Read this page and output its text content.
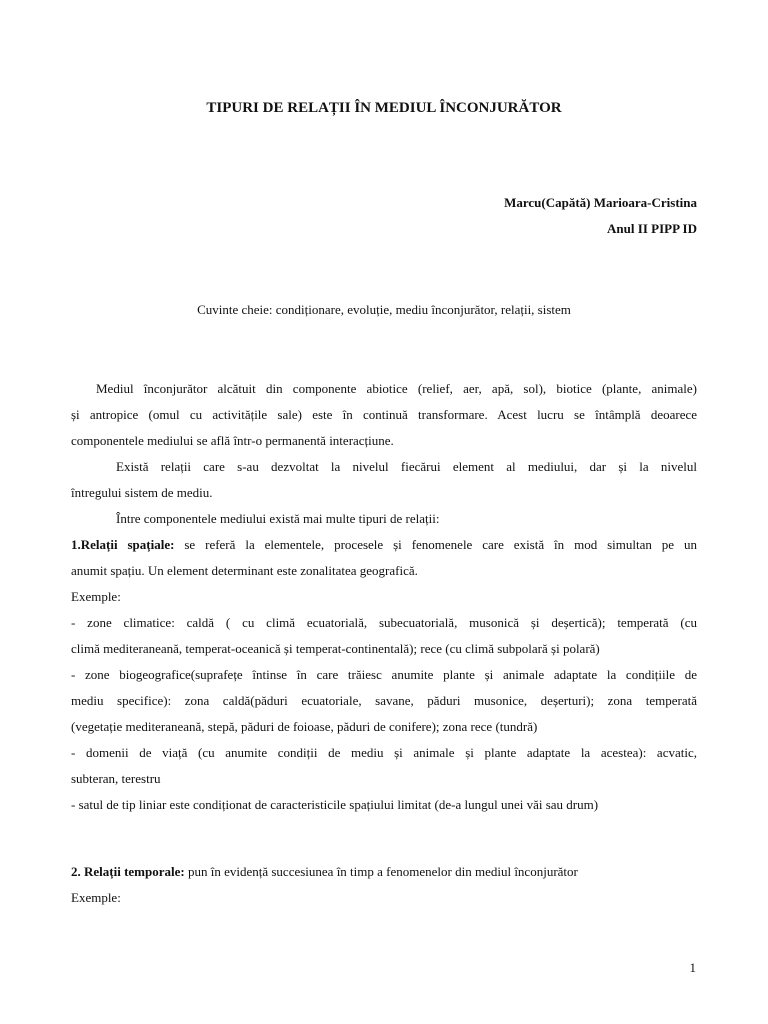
TIPURI DE RELAȚII ÎN MEDIUL ÎNCONJURĂTOR

Marcu(Capătă) Marioara-Cristina

Anul II PIPP ID

Cuvinte cheie: condiționare, evoluție, mediu înconjurător, relații, sistem

Mediul înconjurător alcătuit din componente abiotice (relief, aer, apă, sol), biotice (plante, animale)
și antropice (omul cu activitățile sale) este în continuă transformare. Acest lucru se întâmplă deoarece
componentele mediului se află într-o permanentă interacțiune.
Există relații care s-au dezvoltat la nivelul fiecărui element al mediului, dar și la nivelul
întregului sistem de mediu.
Între componentele mediului există mai multe tipuri de relații:
1.Relații spațiale: se referă la elementele, procesele și fenomenele care există în mod simultan pe un
anumit spațiu. Un element determinant este zonalitatea geografică.
Exemple:
- zone climatice: caldă ( cu climă ecuatorială, subecuatorială, musonică și deșertică); temperată (cu
climă mediteraneană, temperat-oceanică și temperat-continentală); rece (cu climă subpolară și polară)
- zone biogeografice(suprafețe întinse în care trăiesc anumite plante și animale adaptate la condițiile de
mediu specifice): zona caldă(păduri ecuatoriale, savane, păduri musonice, deșerturi); zona temperată
(vegetație mediteraneană, stepă, păduri de foioase, păduri de conifere); zona rece (tundră)
- domenii de viață (cu anumite condiții de mediu și animale și plante adaptate la acestea): acvatic,
subteran, terestru
- satul de tip liniar este condiționat de caracteristicile spațiului limitat (de-a lungul unei văi sau drum)
2. Relații temporale: pun în evidență succesiunea în timp a fenomenelor din mediul înconjurător
Exemple:

1
